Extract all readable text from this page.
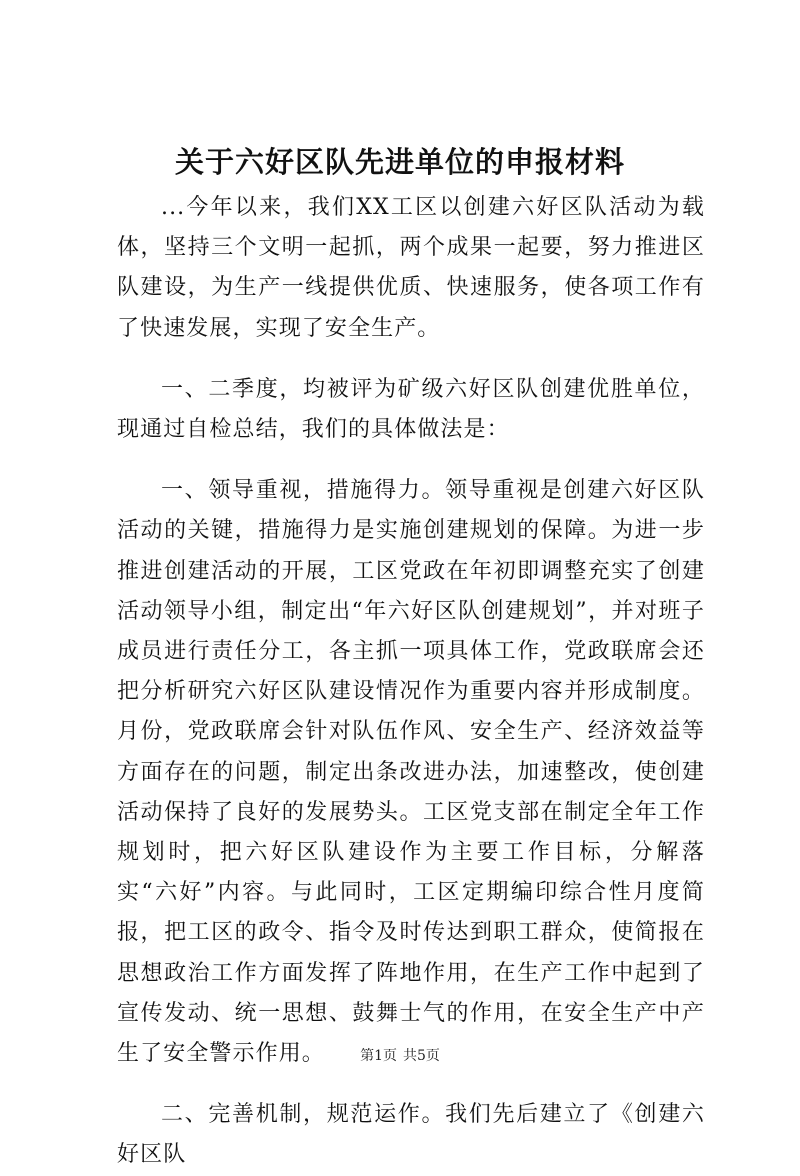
关于六好区队先进单位的申报材料

...今年以来，我们XX工区以创建六好区队活动为载体，坚持三个文明一起抓，两个成果一起要，努力推进区队建设，为生产一线提供优质、快速服务，使各项工作有了快速发展，实现了安全生产。

一、二季度，均被评为矿级六好区队创建优胜单位，现通过自检总结，我们的具体做法是：

一、领导重视，措施得力。领导重视是创建六好区队活动的关键，措施得力是实施创建规划的保障。为进一步推进创建活动的开展，工区党政在年初即调整充实了创建活动领导小组，制定出“年六好区队创建规划”，并对班子成员进行责任分工，各主抓一项具体工作，党政联席会还把分析研究六好区队建设情况作为重要内容并形成制度。月份，党政联席会针对队伍作风、安全生产、经济效益等方面存在的问题，制定出条改进办法，加速整改，使创建活动保持了良好的发展势头。工区党支部在制定全年工作规划时，把六好区队建设作为主要工作目标，分解落实“六好”内容。与此同时，工区定期编印综合性月度简报，把工区的政令、指令及时传达到职工群众，使简报在思想政治工作方面发挥了阵地作用，在生产工作中起到了宣传发动、统一思想、鼓舞士气的作用，在安全生产中产生了安全警示作用。

二、完善机制，规范运作。我们先后建立了《创建六好区队

第1页 共5页
